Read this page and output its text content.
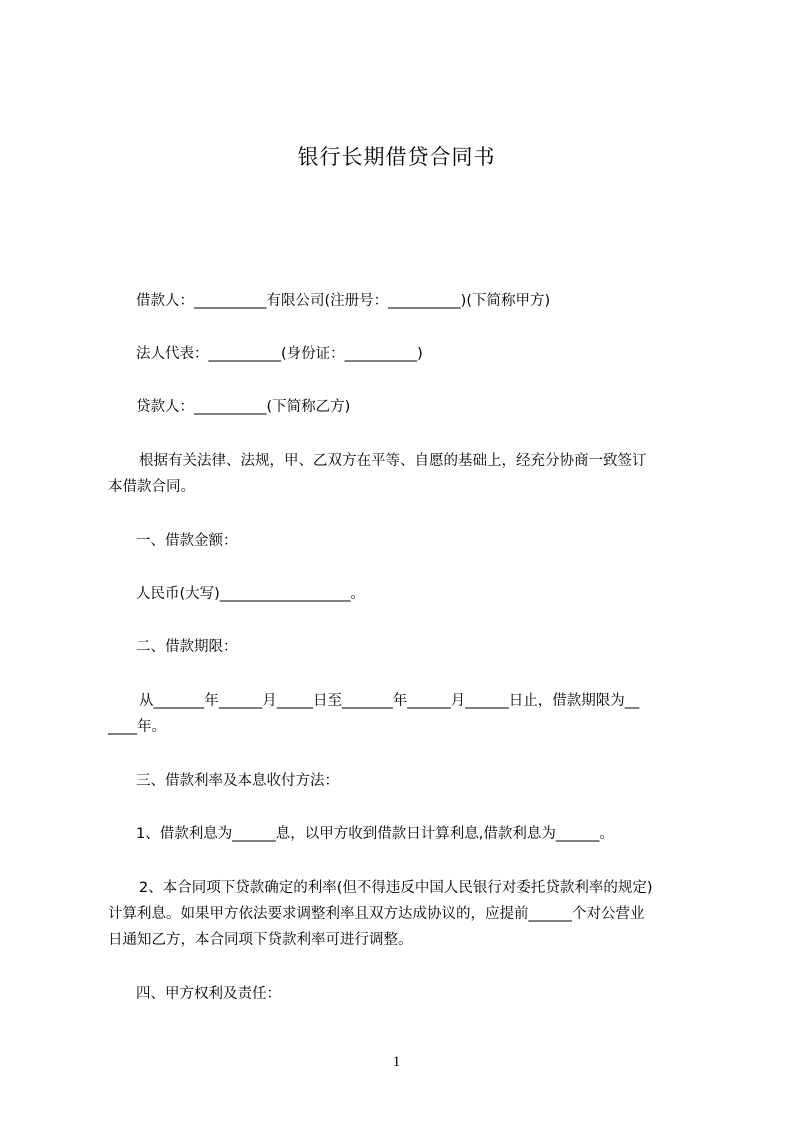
银行长期借贷合同书
借款人：__________有限公司(注册号：__________)(下简称甲方)
法人代表：__________(身份证：__________)
贷款人：__________(下简称乙方)
根据有关法律、法规，甲、乙双方在平等、自愿的基础上，经充分协商一致签订
本借款合同。
一、借款金额：
人民币(大写)__________________。
二、借款期限：
从_______年______月_____日至_______年______月______日止，借款期限为__
____年。
三、借款利率及本息收付方法：
1、借款利息为______息，以甲方收到借款日计算利息,借款利息为______。
2、本合同项下贷款确定的利率(但不得违反中国人民银行对委托贷款利率的规定)
计算利息。如果甲方依法要求调整利率且双方达成协议的，应提前______个对公营业
日通知乙方，本合同项下贷款利率可进行调整。
四、甲方权利及责任：
1
